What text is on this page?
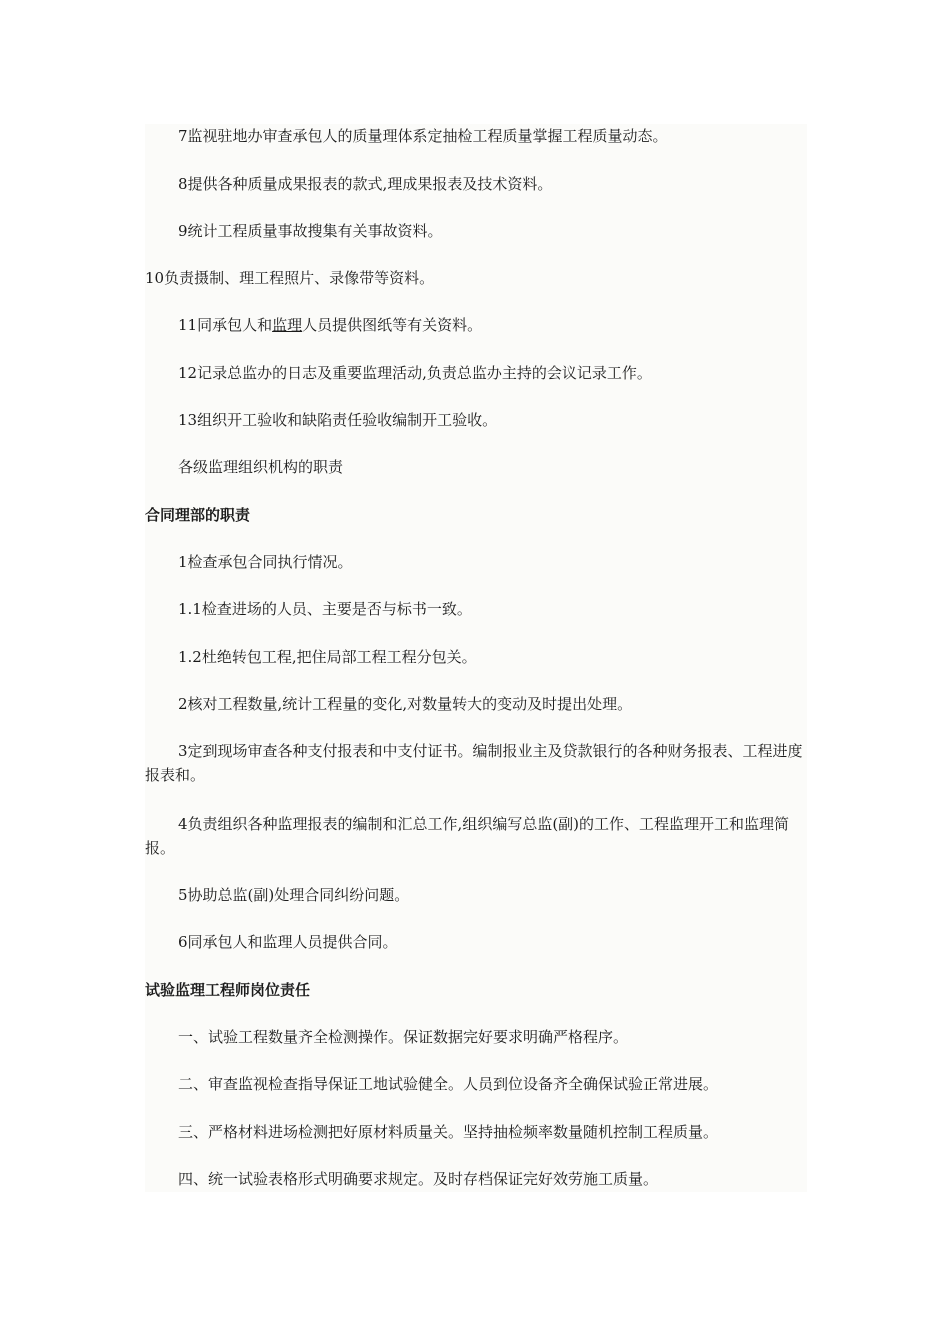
7监视驻地办审查承包人的质量理体系定抽检工程质量掌握工程质量动态。
8提供各种质量成果报表的款式,理成果报表及技术资料。
9统计工程质量事故搜集有关事故资料。
10负责摄制、理工程照片、录像带等资料。
11同承包人和监理人员提供图纸等有关资料。
12记录总监办的日志及重要监理活动,负责总监办主持的会议记录工作。
13组织开工验收和缺陷责任验收编制开工验收。
各级监理组织机构的职责
合同理部的职责
1检查承包合同执行情况。
1.1检查进场的人员、主要是否与标书一致。
1.2杜绝转包工程,把住局部工程工程分包关。
2核对工程数量,统计工程量的变化,对数量转大的变动及时提出处理。
3定到现场审查各种支付报表和中支付证书。编制报业主及贷款银行的各种财务报表、工程进度报表和。
4负责组织各种监理报表的编制和汇总工作,组织编写总监(副)的工作、工程监理开工和监理简报。
5协助总监(副)处理合同纠纷问题。
6同承包人和监理人员提供合同。
试验监理工程师岗位责任
一、试验工程数量齐全检测操作。保证数据完好要求明确严格程序。
二、审查监视检查指导保证工地试验健全。人员到位设备齐全确保试验正常进展。
三、严格材料进场检测把好原材料质量关。坚持抽检频率数量随机控制工程质量。
四、统一试验表格形式明确要求规定。及时存档保证完好效劳施工质量。
